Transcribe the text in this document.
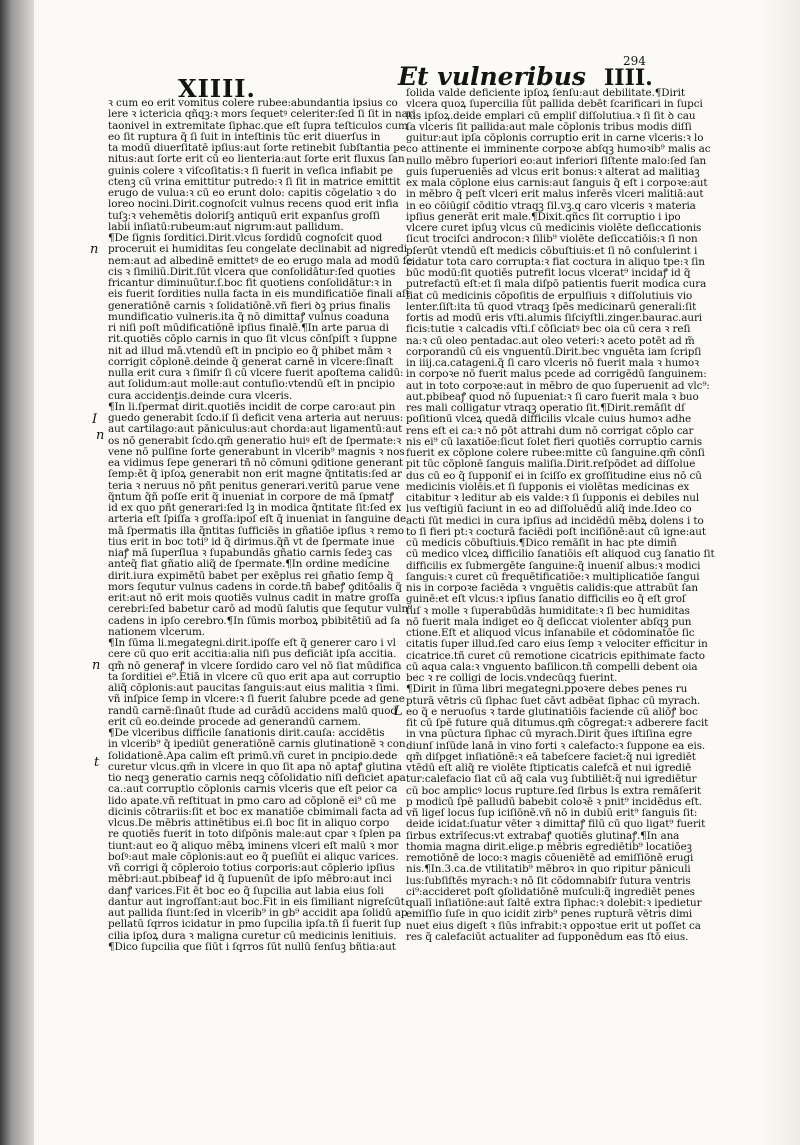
XIIII.	Et vulneribus IIII.
294
n
I
n
n
t
L
ꝛ cum eo erit vomitus colere rubee:abundantia ipsius co
lere ꝛ ictericia qñqꝫ:ꝛ mors ſequetꝰ celeriter:ſed ſi ſit in nari
taonivel in extremitate ſiphac.que eſt ſupra teſticulos cum
eo ſit ruptura q̃ ſi ſuit in inteſtinis tūc erit diuerſus in
ta modū diuerſitatē ipſius:aut ſorte retinebit ſubſtantia pe
nitus:aut ſorte erit cū eo lienteria:aut ſorte erit fluxus ſan
guinis colere ꝛ viſcoſitatis:ꝛ ſi fuerit in veſica infiabit pe
ctenꝫ cū vrina emittitur putredo:ꝛ ſi ſit in matrice emittit
erugo de vulua:ꝛ cū eo erunt dolo: capitis cōgelatio ꝛ do
loreo nocini.Dirit.cognoſcit vulnus recens quod erit infia
tuſꝫ:ꝛ vehemētis doloriſꝫ antiquū erit expanſus groſſi
labii inſiatū:rubeum:aut nigrum:aut pallidum.
¶De ſignis ſorditici.Dirit.vlcus ſordidū cognoſcit quod
proceruit ei humiditas ſeu congelate declinabit ad nigredi
nem:aut ad albedinē emittetꝰ de eo erugo mala ad modū fe
cis ꝛ ſimiliū.Dirit.ſūt vlcera que conſolidātur:ſed quoties
fricantur diminuūtur.ſ.boc fit quotiens conſolidātur:ꝛ in
eis fuerit ſordities nulla facta in eis mundificatiōe finali aſt
generatiōnē carnis ꝛ ſolidatiōnē.vñ fieri ꝺꝫ prius finalis
mundificatio vulneris.ita q̃ nō dimittaꝭ vulnus coaduna
ri niſi poſt mūdificatiōnē ipſius finalē.¶In arte parua di
rit.quotiēs cōplo carnis in quo ſit vlcus cōnſpiſt ꝛ ſuppne
nit ad illud mā.vtendū eſt in pncipio eo q̃ phibet mām ꝛ
corrigit cōplonē.deinde q̃ generat carnē in vlcere:ſinaſt
nulla erit cura ꝛ ſimiſr ſi cū vlcere fuerit apoſtema calidū:
aut ſolidum:aut molle:aut contuſio:vtendū eſt in pncipio
cura accidentis.deinde cura vlceris.
¶In li.ſpermat̃ dirit.quotiēs incidit de corpe caro:aut pin
guedo generabit ſcdo.iſ ſi deficit vena arteria aut neruus:
aut cartilago:aut pāniculus:aut chorda:aut ligamentū:aut
os nō generabit ſcdo.qm̃ generatio huiꝰ eſt de ſpermate:ꝛ
vene nō pulſine ſorte generabunt in vlcerib⁹ magnis ꝛ nos
ea vidimus ſepe generari tñ nō cōmuni ꝯditione generant
ſemp:ēt q̃ ipſoꝝ generabit non erit magne q̃ntitatis:ſed ar
teria ꝛ neruus nō pñt penitus generari.veritū parue vene
q̃ntum q̃ñ poſſe erit q̃ inueniat in corpore de mā ſpmatꝭ
id ex quo pñt generari:ſed lꝫ in modica q̃ntitate ſit:ſed ex
arteria eſt ſpiſſa ꝛ groſſa:ipoſ eſt q̃ inueniat in ſanguine de
mā ſpermatis illa q̃ntitas ſufficiēs in gñatiōe ipſius ꝛ remo
tius erit in boc toti⁹ id q̃ dirimus.q̃ñ vt de ſpermate inue
niaꝭ mā ſuperſlua ꝛ ſupabundās gñatio carnis ſedeꝫ cas
anteq̃ fiat gñatio aliq̃ de ſpermate.¶In ordine medicine
dirit.iura expimētū babet per exēplus rei gñatio ſemp q̃
mors ſequtur vulnus cadens in corde.tñ babeꝭ ꝯditōalis q̃
erit:aut nō erit mois quotiēs vulnus cadit in matre groſſa
cerebri:ſed babetur carō ad modū ſalutis que ſequtur vuln⁹
cadens in ipſo cerebro.¶In ſūmis morboꝝ pbibitētiū ad ſa
nationem vlcerum.
¶In ſūma li.megategni.dirit.ipoſſe eſt q̃ generer caro i vl
cere cū quo erit accitia:alia niſi pus deficiāt ipſa accitia.
qm̃ nō generaꝭ in vlcere ſordido caro vel nō ſiat mūdifica
ta ſorditiei e⁹.Etiā in vlcere cū quo erit apa aut corruptio
aliq̃ cōplonis:aut paucitas ſanguis:aut eius malitia ꝛ ſimi.
vñ inſpice ſemp in vlcere:ꝛ ſi fuerit ſalubre pcede ad gene
randū carnē:ſinaūt ſtude ad curādū accidens malū quod
erit cū eo.deinde procede ad generandū carnem.
¶De vlceribus difficile ſanationis dirit.cauſa: accidētis
in vlcerib⁹ q̃ ipediūt generatiōnē carnis glutinationē ꝛ con
ſolidationē.Apa calim eſt primū.vñ curet in pncipio.dede
curetur vlcus.qm̃ in vlcere in quo ſit apa nō aptaꝭ glutina
tio neqꝫ generatio carnis neqꝫ cōſolidatio niſi deficiet apa
ca.:aut corruptio cōplonis carnis vlceris que eſt peior ca
lido apate.vñ reſtituat in pmo caro ad cōplonē ei⁹ cū me
dicinis cōtrariis:ſit et boc ex manatiōe cbimimali facta ad
vlcus.De mēbris attinētibus ei.ſi boc ſit in aliquo corpo
re quotiēs fuerit in toto diſpōnis male:aut cpar ꝛ ſplen pa
tiunt:aut eo q̃ aliquo mēbꝝ iminens vlceri eſt malū ꝛ mor
boſꝰ:aut male cōplonis:aut eo q̃ pueſiūt ei aliquc varices.
vñ corrigi q̃ cōpleroio totius corporis:aut cōplerio ipſius
mēbri:aut.pbibeaꝭ id q̃ ſupuenūt de ipſo mēbro:aut inci
danꝭ varices.Fit ēt boc eo q̃ ſupcilia aut labia eius ſoli
dantur aut ingroſſant:aut boc.Fit in eis ſimiliant nigreſcūt:
aut pallida ſiunt:ſed in vlcerib⁹ in gb⁹ accidit apa ſolidū ap
pellatū ſqrros icidatur in pmo ſupcilia ipſa.tñ ſi fuerit ſup
cilia ipſoꝝ dura ꝛ maligna curetur cū medicinis lenitiuis.
¶Dico ſupcilia que ſiūt i ſqrros ſūt nullū ſenſuꝫ bñtia:aut
ſolida valde deficiente ipſoꝝ ſenſu:aut debilitate.¶Dirit
vlcera quoꝝ ſupercilia ſūt pallida debēt ſcarificari in ſupci
lus ipſoꝝ.deide emplari cū empliſ diſſolutiua.ꝛ ſi ſit ꝺ cau
ſa vlceris ſit pallida:aut male cōplonis tribus modis diſſi
guitur:aut ipſa cōplonis corruptio erit in carne vlceris:ꝛ lo
co attinente ei imminente corpoꝛe abſqꝫ humoꝛib⁹ malis ac
nullo mēbro ſuperiori eo:aut inferiori ſiſtente malo:ſed ſan
guis ſuperueniēs ad vlcus erit bonus:ꝛ alterat ad malitiaꝫ
ex mala cōplone eius carnis:aut ſanguis q̃ eſt i corpoꝛe:aut
in mēbro q̃ peſt vlceri erit malus inferēs vlceri malitiā:aut
in eo cōiūgiſ cōditio vtraqꝫ ſil.vꝫ.q caro vlceris ꝛ materia
ipſius generāt erit male.¶Dixit.qñcs ſit corruptio i ipo
vlcere curet ipſuꝫ vlcus cū medicinis violēte deſiccationis
ſicut trociſci androcon:ꝛ ſilib⁹ violēte deſiccatiōis:ꝛ ſi non
pſerūt vtendū eſt medicis cōbuſtiuis:et ſi nō conſulerint i
cidatur tota caro corrupta:ꝛ fiat coctura in aliquo tpe:ꝛ ſin
būc modū:ſit quotiēs putrefit locus vlcerat⁹ incidaꝭ id q̃
putrefactū eſt:et ſi mala diſpō patientis fuerit modica cura
fiat cū medicinis cōpoſitis de erpulſiuis ꝛ diſſolutiuis vio
lenter.ſiſt:ita tū quod vtraqꝫ ſpēs medicinarū generali:ſit
fortis ad modū eris vſti.alumis ſiſciyſtli.zinger.baurac.auri
ficis:tutie ꝛ calcadis vſti.ſ cōſiciatꝰ bec oia cū cera ꝛ reſi
na:ꝛ cū oleo pentadac.aut oleo veteri:ꝛ aceto potēt ad m̃
corporandū cū eis vnguentū.Dirit.bec vnguēta iam ſcripſi
in iiij.ca.catageni.q̃ ſi caro vlceris nō fuerit mala ꝛ humoꝛ
in corpoꝛe nō fuerit malus pcede ad corrigēdū ſanguinem:
aut in toto corpoꝛe:aut in mēbro de quo ſuperuenit ad vlc⁹:
aut.pbibeaꝭ quod nō ſupueniat:ꝛ ſi caro fuerit mala ꝛ buo
res mali colligatur vtraqꝫ operatio ſit.¶Dirit.remāſit dſ
poſitionū vlceꝝ quedā difficilis vlcale cuius humoꝛ adhe
rens eſt ei ca:ꝛ nō pōt attrahi dum nō corrigat cōplo car
nis ei⁹ cū laxatiōe:ſicut ſolet fieri quotiēs corruptio carnis
fuerit ex cōplone colere rubee:mitte cū ſanguine.qm̃ cōnſi
pit tūc cōplonē ſanguis maliſia.Dirit.reſpōdet ad diſſolue
dus cū eo q̃ ſupponiſ ei in ſciſſo ex groſſitudine eius nō cū
medicinis violēis.et ſi ſupponis ei violētas medicinas ex
citabitur ꝛ leditur ab eis valde:ꝛ ſi ſupponis ei debiles nul
lus veſtigiū faciunt in eo ad diſſoluēdū aliq̃ inde.Ideo co
acti ſūt medici in cura ipſius ad incidēdū mēbꝝ dolens i to
to ſi fieri pt:ꝛ cocturā faciēdi poſt inciſiōnē:aut cū igne:aut
cū medicis cōbuſtiuis.¶Dico remāſit in hac pte dimiñ
cū medico vlceꝝ difficilio ſanatiōis eſt aliquod cuꝫ ſanatio ſit
difficilis ex ſubmergēte ſanguine:q̃ inueniſ albus:ꝛ modici
ſanguis:ꝛ curet cū frequētificatiōe:ꝛ multiplicatiōe ſangui
nis in corpoꝛe faciēda ꝛ vnguētis calidis:que attrabūt ſan
guinē:et eſt vlcus:ꝛ ipſius ſanatio difficilis eo q̃ eſt groſ
ſuſ ꝛ molle ꝛ ſuperabūdās humiditate:ꝛ ſi bec humiditas
nō fuerit mala indiget eo q̃ deſiccat violenter abſqꝫ pun
ctione.Eſt et aliquod vlcus inſanabile et cōdominatōe ſic
citatis ſuper illud.ſed caro eius ſemp ꝛ velociter efficitur in
cicatrice.tñ curet cū remotione cicatricis epithimate facto
cū aqua cala:ꝛ vnguento baſilicon.tñ compelli debent oia
bec ꝛ re colligi de locis.vndecūqꝫ fuerint.
¶Dirit in ſūma libri megategni.ppoꝛere debes penes ru
pturā vētris cū ſiphac ſuet cāvt adbēat ſiphac cū myrach.
eo q̃ e neruoſus ꝛ tarde glutinatiōis faciende cū aliōꝭ boc
fit cū ſpē future quā ditumus.qm̃ cōgregat:ꝛ adberere facit
in vna pūctura ſiphac cū myrach.Dirit q̃ues iſtiſina egre
diunſ inſūde lanā in vino forti ꝛ calefacto:ꝛ ſuppone ea eis.
qm̃ diſpget inſiatiōnē:ꝛ eā tabeſcere faciet:q̃ nui igrediēt
vtēdū eſt aliq̃ re violēte ſtipticatis calefcā et nui igrediē
tur:calefacio ſiat cū aq̃ cala vuꝫ ſubtiliēt:q̃ nui igrediētur
cū boc amplicꝰ locus rupture.ſed ſirbus ls extra remāſerit
p modicū ſpē palludū babebit coloꝛē ꝛ pnit⁹ incidēdus eſt.
vñ ligeſ locus ſup iciſiōnē.vñ nō in dubiū erit⁹ ſanguis ſit:
deide icidat:ſuatur vēter ꝛ dimittaꝭ filū cū quo ligat⁹ fuerit
ſirbus extrīſecus:vt extrabaꝭ quotiēs glutinaꝭ.¶In ana
thomia magna dirit.elige.p mēbris egrediētib⁹ locatiōeꝫ
remotiōnē de loco:ꝛ magis cōueniētē ad emiſſiōnē erugi
nis.¶In.3.ca.de vtilitatib⁹ mēbroꝛ in quo ripitur pāniculi
lus:ſubſiſtēs myrach:ꝛ nō ſit cōdomnabiſr ſutura ventris
ci⁹:accideret poſt ꝯſolidatiōnē muſculi:q̃ ingrediēt penes
qualī inſiatiōne:aut ſaltē extra ſiphac:ꝛ dolebit:ꝛ ipedietur
emiſſio ſuſe in quo icidit zirb⁹ penes rupturā vētris dimi
nuet eius digeſt ꝛ ſiūs infrabit:ꝛ oppoꝛtue erit ut poſſet ca
res q̃ calefaciūt actualiter ad ſupponēdum eas ſtō eius.
